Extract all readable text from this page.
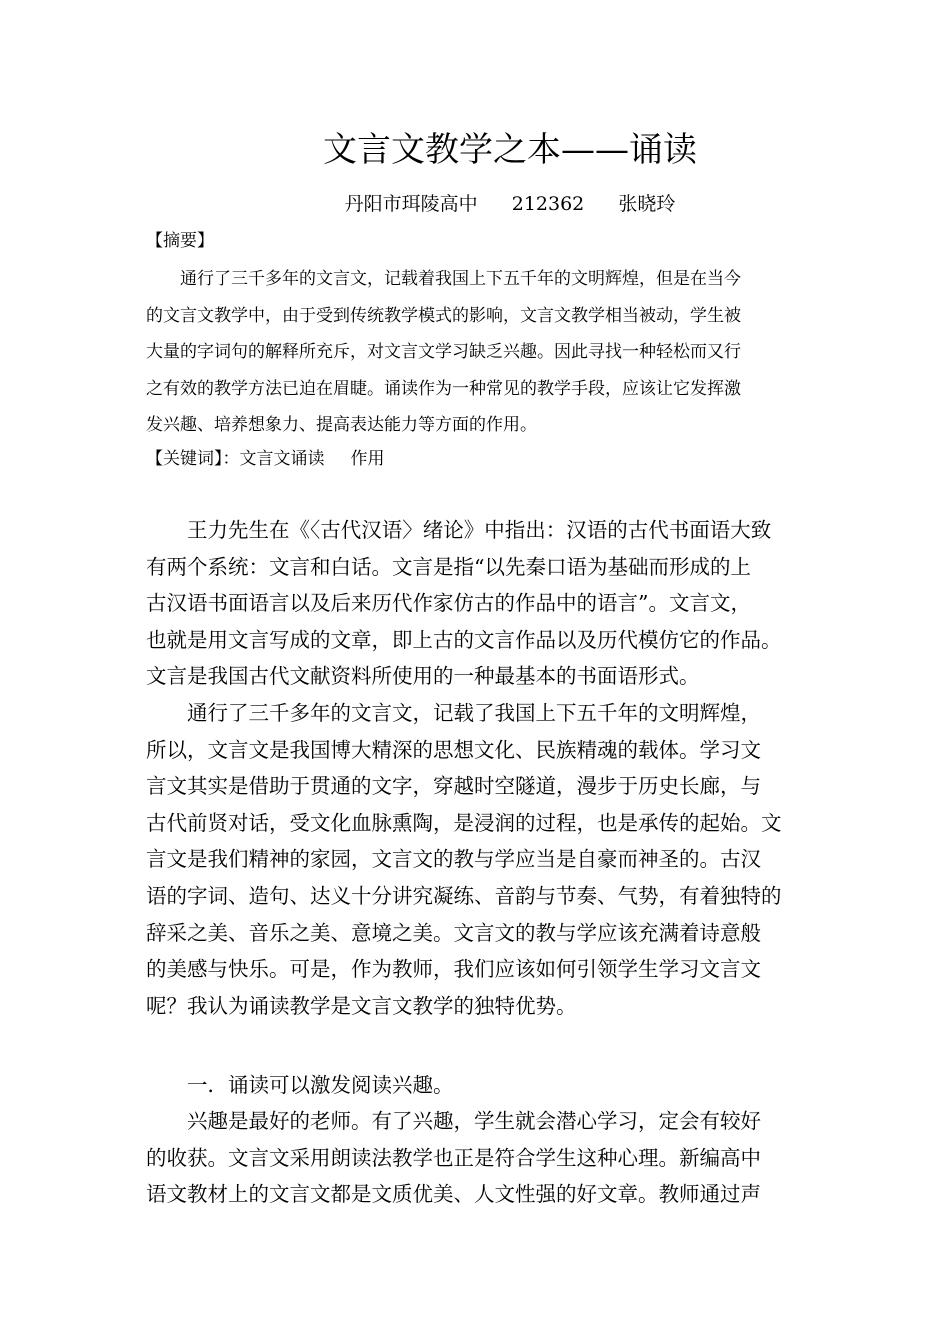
文言文教学之本——诵读
丹阳市珥陵高中 212362 张晓玲
【摘要】

　　通行了三千多年的文言文，记载着我国上下五千年的文明辉煌，但是在当今
的文言文教学中，由于受到传统教学模式的影响，文言文教学相当被动，学生被
大量的字词句的解释所充斥，对文言文学习缺乏兴趣。因此寻找一种轻松而又行
之有效的教学方法已迫在眉睫。诵读作为一种常见的教学手段，应该让它发挥激
发兴趣、培养想象力、提高表达能力等方面的作用。

【关键词】：文言文诵读 作用

　　王力先生在《〈古代汉语〉绪论》中指出：汉语的古代书面语大致
有两个系统：文言和白话。文言是指“以先秦口语为基础而形成的上
古汉语书面语言以及后来历代作家仿古的作品中的语言”。文言文，
也就是用文言写成的文章，即上古的文言作品以及历代模仿它的作品。
文言是我国古代文献资料所使用的一种最基本的书面语形式。

　　通行了三千多年的文言文，记载了我国上下五千年的文明辉煌，
所以，文言文是我国博大精深的思想文化、民族精魂的载体。学习文
言文其实是借助于贯通的文字，穿越时空隧道，漫步于历史长廊，与
古代前贤对话，受文化血脉熏陶，是浸润的过程，也是承传的起始。文
言文是我们精神的家园，文言文的教与学应当是自豪而神圣的。古汉
语的字词、造句、达义十分讲究凝练、音韵与节奏、气势，有着独特的
辞采之美、音乐之美、意境之美。文言文的教与学应该充满着诗意般
的美感与快乐。可是，作为教师，我们应该如何引领学生学习文言文
呢？我认为诵读教学是文言文教学的独特优势。

　　一．诵读可以激发阅读兴趣。

　　兴趣是最好的老师。有了兴趣，学生就会潜心学习，定会有较好
的收获。文言文采用朗读法教学也正是符合学生这种心理。新编高中
语文教材上的文言文都是文质优美、人文性强的好文章。教师通过声
